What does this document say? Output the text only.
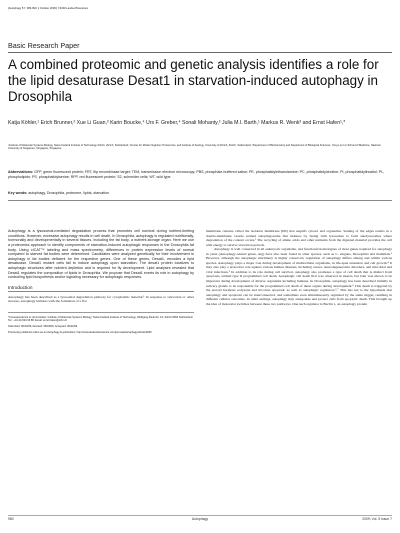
[Autophagy 5:7, 980-990; 1 October 2009]; ©2009 Landes Bioscience
Basic Research Paper
A combined proteomic and genetic analysis identifies a role for the lipid desaturase Desat1 in starvation-induced autophagy in Drosophila
Katja Köhler,¹ Erich Brunner,² Xue Li Guan,³ Karin Boucke,⁴ Urs F. Greber,⁴ Sonali Mohanty,² Julia M.I. Barth,¹ Markus R. Wenk³ and Ernst Hafen¹,*
¹Institute of Molecular Systems Biology, Swiss Federal Institute of Technology Zürich, Zürich, Switzerland; ²Center for Model Organism Proteomics, and Institute of Zoology, University of Zürich, Zürich, Switzerland; ³Department of Biochemistry and Department of Biological Sciences, Yong Loo Lin School of Medicine, National University of Singapore, Singapore, Singapore
Abbreviations: GFP, green fluorescent protein; FRT, flip recombinase target; TEM, transmission electron microscopy; PBS, phosphate-buffered saline; PE, phosphatidylethanolamine; PC, phosphatidylcholine; PI, phosphatidylinositol; PL, phospholipids; PS, phosphatidylserine; RFP, red fluorescent protein; S2, schneider cells; WT, wild type
Key words: autophagy, Drosophila, proteome, lipids, starvation

Autophagy is a lysosomal-mediated degradation process that promotes cell survival during nutrient-limiting conditions. However, excessive autophagy results in cell death. In Drosophila, autophagy is regulated nutritionally, hormonally and developmentally in several tissues, including the fat body, a nutrient-storage organ. Here we use a proteomics approach to identify components of starvation-induced autophagic responses in the Drosophila fat body. Using cICAT™ labeling and mass spectrometry, differences in protein expression levels of normal compared to starved fat bodies were determined. Candidates were analyzed genetically for their involvement in autophagy in fat bodies deficient for the respective genes. One of these genes, Desat1, encodes a lipid desaturase. Desat1 mutant cells fail to induce autophagy upon starvation. The desat1 protein localizes to autophagic structures after nutrient depletion and is required for fly development. Lipid analyses revealed that Desat1 regulates the composition of lipids in Drosophila. We propose that Desat1 exerts its role in autophagy by controlling lipid biosynthesis and/or signaling necessary for autophagic responses.

Introduction

Autophagy has been described as a lysosomal degradation pathway for cytoplasmic material.¹ In response to starvation or other stresses, autophagy initiates with the formation of a flat

*Correspondence to: Ernst Hafen; Institute of Molecular Systems Biology; Swiss Federal Institute of Technology; Wolfgang-Pauli-Str. 16; Zürich 8093 Switzerland; Tel.: +41.44.633.36.88; Email: ernst.hafen@ethz.ch

Submitted: 06/10/09; Revised: 06/18/09; Accepted: 06/22/09

Previously published online as an Autophagy E-publication: http://www.landesbioscience.com/journals/autophagy/article/9325

membrane cisterna called the isolation membrane (IM) that engulfs cytosol and organelles. Sealing of the edges results in a double-membrane vesicle termed autophagosome that matures by fusing with lysosomes to form autolysosomes where degradation of the content occurs.² The recycling of amino acids and other nutrients from the digested material provides the cell with energy to survive starvation periods.

Autophagy is well conserved in all eukaryotic organisms, and functional homologues of most genes required for autophagy in yeast (Autophagy-related genes, Atg) have also been found in other species, such as C. elegans, Drosophila and mammals.³ However, although the autophagic machinery is highly conserved, regulation of autophagy differs among and within various species. Autophagy plays a major role during development of multicellular organisms, in life-span extension and cell growth.⁴ It may also play a protective role against various human diseases, including cancer, neurodegenerative disorders, and microbial and viral infections.⁵ In addition to its role during cell survival, autophagy also promotes a type of cell death that is distinct from apoptosis, termed type II programmed cell death. Autophagic cell death first was observed in insects, but later was shown to be important during development of diverse organisms including humans. In Drosophila, autophagy has been described initially in salivary glands to be responsible for the programmed cell death of these organs during development.⁶ This death is triggered by the steroid hormone ecdysone and involves apoptotic as well as autophagic regulators.⁶,⁷ This has led to the hypothesis that autophagy and apoptosis can be interconnected, and sometimes even simultaneously regulated by the same trigger, resulting in different cellular outcomes. In other settings, autophagy may antagonize and protect cells from apoptotic death. This brought up the idea of molecular switches between these two pathways. One such regulator is Beclin 1, an autophagy protein

980	Autophagy	2009; Vol. 5 Issue 7
